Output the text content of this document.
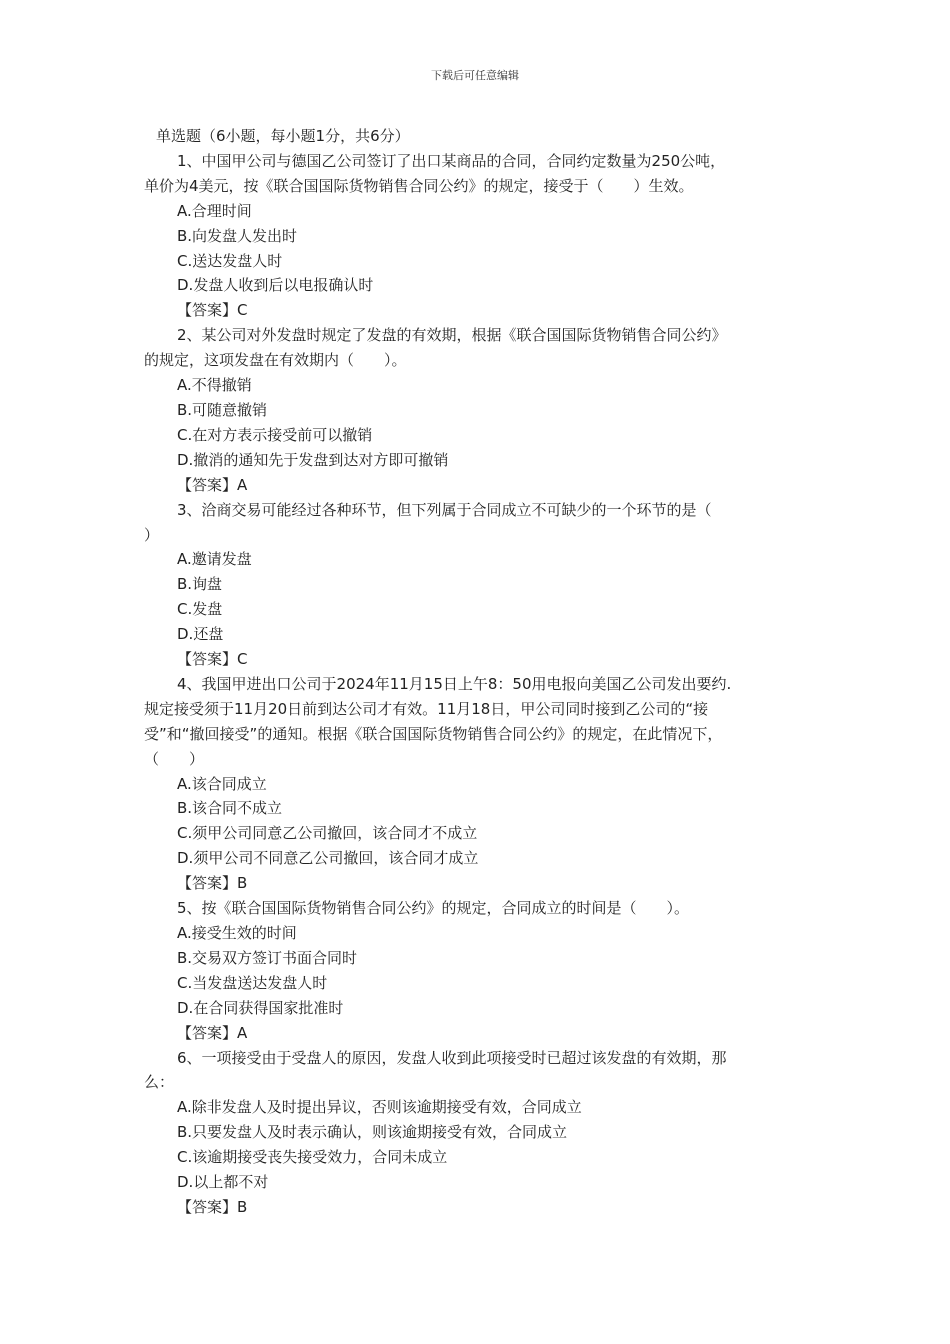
下载后可任意编辑

单选题（6小题，每小题1分，共6分）

1、中国甲公司与德国乙公司签订了出口某商品的合同，合同约定数量为250公吨，

单价为4美元，按《联合国国际货物销售合同公约》的规定，接受于（　　）生效。

A.合理时间

B.向发盘人发出时

C.送达发盘人时

D.发盘人收到后以电报确认时

【答案】C

2、某公司对外发盘时规定了发盘的有效期，根据《联合国国际货物销售合同公约》

的规定，这项发盘在有效期内（　　）。

A.不得撤销

B.可随意撤销

C.在对方表示接受前可以撤销

D.撤消的通知先于发盘到达对方即可撤销

【答案】A

3、洽商交易可能经过各种环节，但下列属于合同成立不可缺少的一个环节的是（

）

A.邀请发盘

B.询盘

C.发盘

D.还盘

【答案】C

4、我国甲进出口公司于2024年11月15日上午8：50用电报向美国乙公司发出要约.

规定接受须于11月20日前到达公司才有效。11月18日，甲公司同时接到乙公司的“接

受”和“撤回接受”的通知。根据《联合国国际货物销售合同公约》的规定，在此情况下，

（　　）

A.该合同成立

B.该合同不成立

C.须甲公司同意乙公司撤回，该合同才不成立

D.须甲公司不同意乙公司撤回，该合同才成立

【答案】B

5、按《联合国国际货物销售合同公约》的规定，合同成立的时间是（　　）。

A.接受生效的时间

B.交易双方签订书面合同时

C.当发盘送达发盘人时

D.在合同获得国家批准时

【答案】A

6、一项接受由于受盘人的原因，发盘人收到此项接受时已超过该发盘的有效期，那

么：

A.除非发盘人及时提出异议，否则该逾期接受有效，合同成立

B.只要发盘人及时表示确认，则该逾期接受有效，合同成立

C.该逾期接受丧失接受效力，合同未成立

D.以上都不对

【答案】B
